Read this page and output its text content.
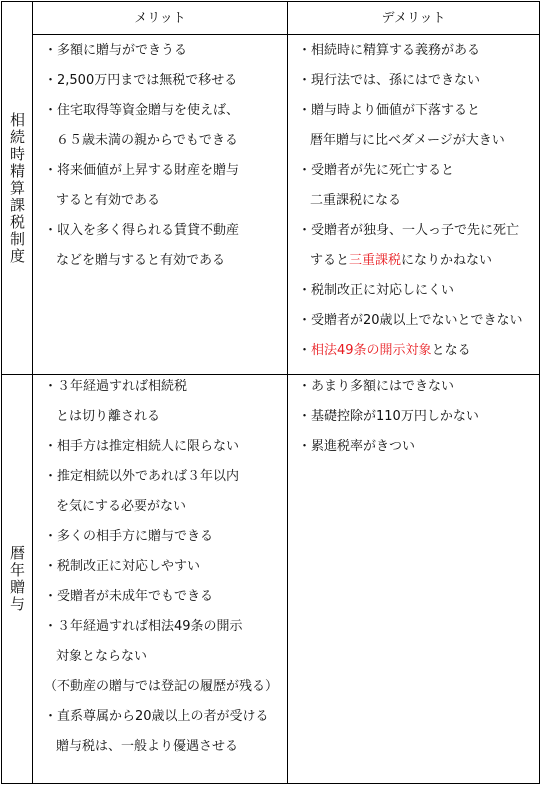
メリット	デメリット
相続時精算課税制度
暦年贈与
・多額に贈与ができうる
・2,500万円までは無税で移せる
・住宅取得等資金贈与を使えば、
６５歳未満の親からでもできる
・将来価値が上昇する財産を贈与
すると有効である
・収入を多く得られる賃貸不動産
などを贈与すると有効である
・相続時に精算する義務がある
・現行法では、孫にはできない
・贈与時より価値が下落すると
暦年贈与に比ベダメージが大きい
・受贈者が先に死亡すると
二重課税になる
・受贈者が独身、一人っ子で先に死亡
すると三重課税になりかねない
・税制改正に対応しにくい
・受贈者が20歳以上でないとできない
・相法49条の開示対象となる
・３年経過すれば相続税
とは切り離される
・相手方は推定相続人に限らない
・推定相続以外であれば３年以内
を気にする必要がない
・多くの相手方に贈与できる
・税制改正に対応しやすい
・受贈者が未成年でもできる
・３年経過すれば相法49条の開示
対象とならない
（不動産の贈与では登記の履歴が残る）
・直系尊属から20歳以上の者が受ける
贈与税は、一般より優遇させる
・あまり多額にはできない
・基礎控除が110万円しかない
・累進税率がきつい
